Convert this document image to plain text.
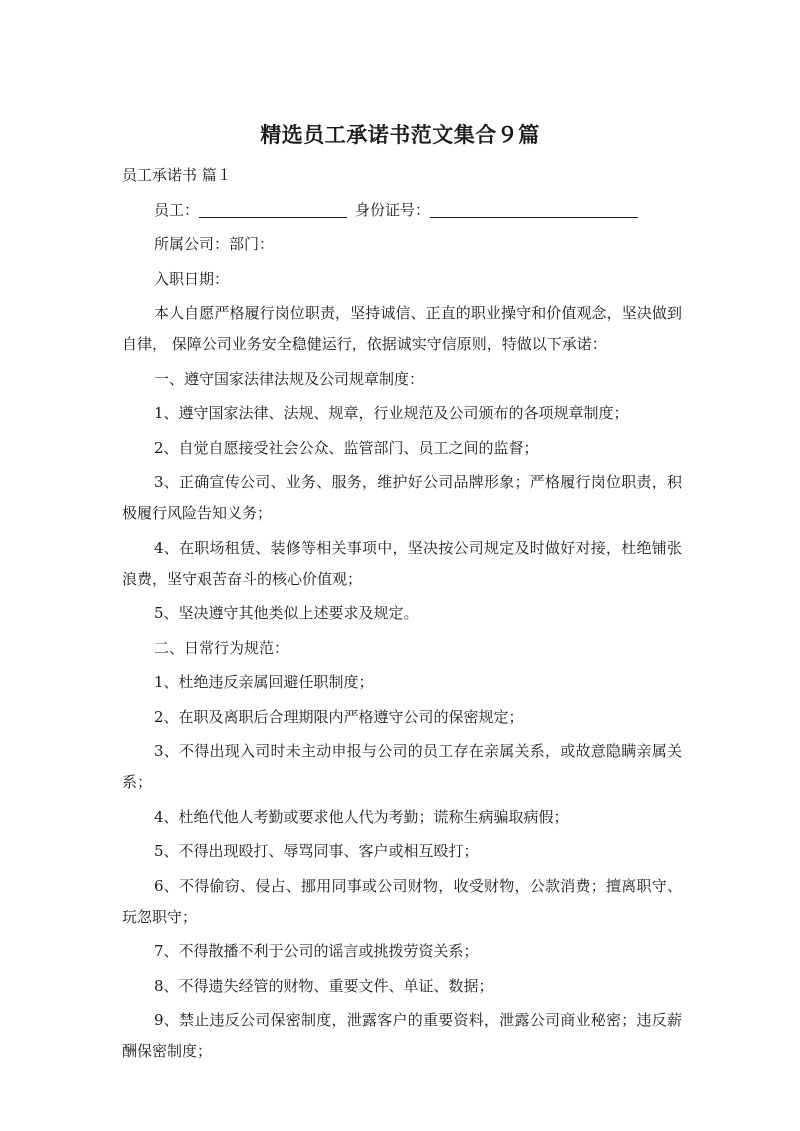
精选员工承诺书范文集合９篇

员工承诺书 篇１

员工：	身份证号：

所属公司：部门：

入职日期：

本人自愿严格履行岗位职责，坚持诚信、正直的职业操守和价值观念，坚决做到自律， 保障公司业务安全稳健运行，依据诚实守信原则，特做以下承诺：

一、遵守国家法律法规及公司规章制度：

1、遵守国家法律、法规、规章，行业规范及公司颁布的各项规章制度；

2、自觉自愿接受社会公众、监管部门、员工之间的监督；

3、正确宣传公司、业务、服务，维护好公司品牌形象；严格履行岗位职责，积极履行风险告知义务；

4、在职场租赁、装修等相关事项中，坚决按公司规定及时做好对接，杜绝铺张浪费，坚守艰苦奋斗的核心价值观；

5、坚决遵守其他类似上述要求及规定。

二、日常行为规范：

1、杜绝违反亲属回避任职制度；

2、在职及离职后合理期限内严格遵守公司的保密规定；

3、不得出现入司时未主动申报与公司的员工存在亲属关系，或故意隐瞒亲属关系；

4、杜绝代他人考勤或要求他人代为考勤；谎称生病骗取病假；

5、不得出现殴打、辱骂同事、客户或相互殴打；

6、不得偷窃、侵占、挪用同事或公司财物，收受财物，公款消费；擅离职守、玩忽职守；

7、不得散播不利于公司的谣言或挑拨劳资关系；

8、不得遗失经管的财物、重要文件、单证、数据；

9、禁止违反公司保密制度，泄露客户的重要资料，泄露公司商业秘密；违反薪酬保密制度；
